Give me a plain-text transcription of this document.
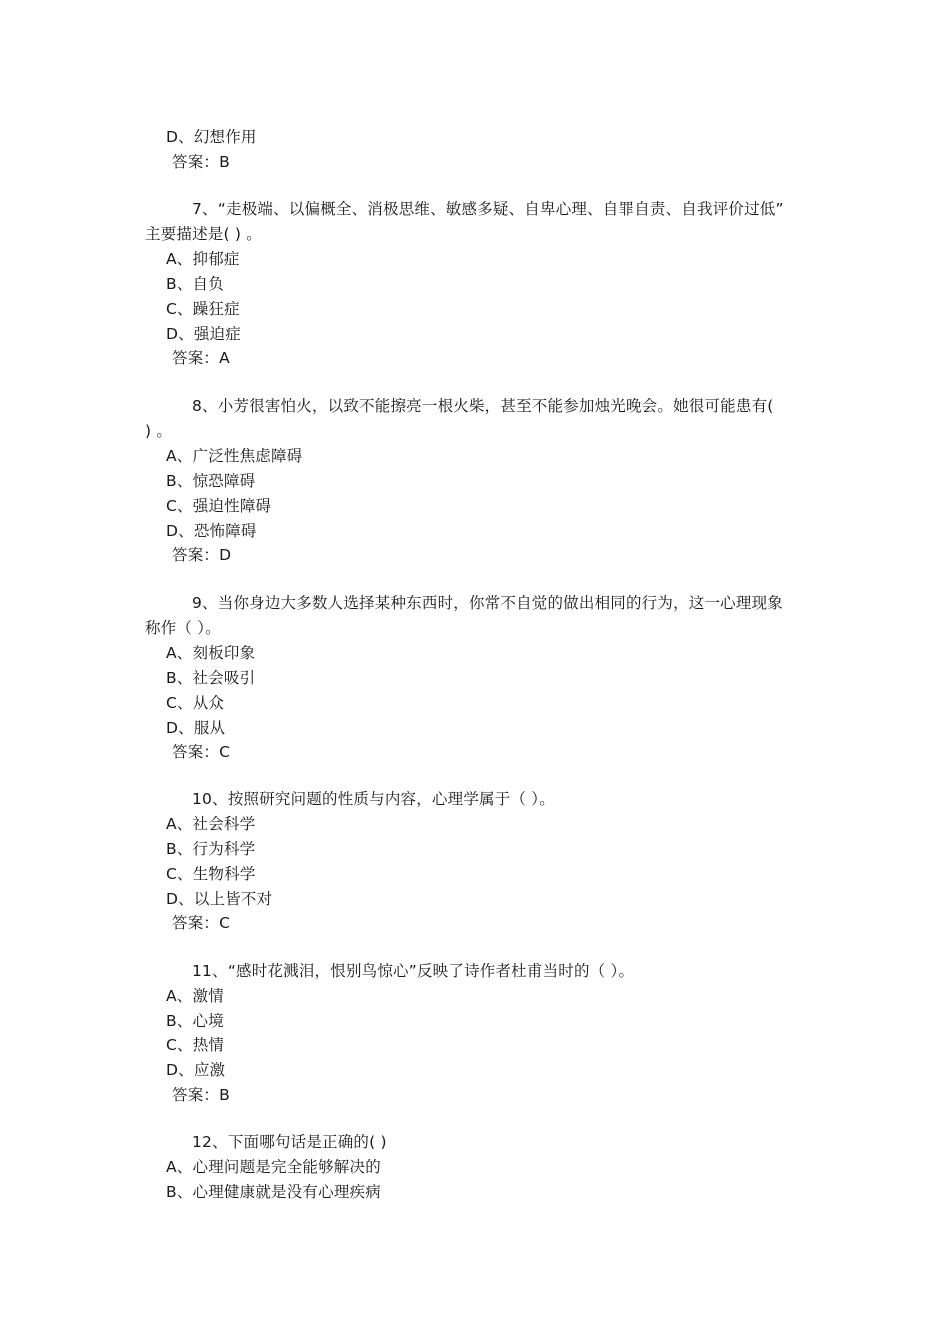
D、幻想作用
答案：B
7、“走极端、以偏概全、消极思维、敏感多疑、自卑心理、自罪自责、自我评价过低”
主要描述是( ) 。
A、抑郁症
B、自负
C、躁狂症
D、强迫症
答案：A
8、小芳很害怕火，以致不能擦亮一根火柴，甚至不能参加烛光晚会。她很可能患有(
) 。
A、广泛性焦虑障碍
B、惊恐障碍
C、强迫性障碍
D、恐怖障碍
答案：D
9、当你身边大多数人选择某种东西时，你常不自觉的做出相同的行为，这一心理现象
称作（ ）。
A、刻板印象
B、社会吸引
C、从众
D、服从
答案：C
10、按照研究问题的性质与内容，心理学属于（ ）。
A、社会科学
B、行为科学
C、生物科学
D、以上皆不对
答案：C
11、“感时花溅泪，恨别鸟惊心”反映了诗作者杜甫当时的（ ）。
A、激情
B、心境
C、热情
D、应激
答案：B
12、下面哪句话是正确的( )
A、心理问题是完全能够解决的
B、心理健康就是没有心理疾病
